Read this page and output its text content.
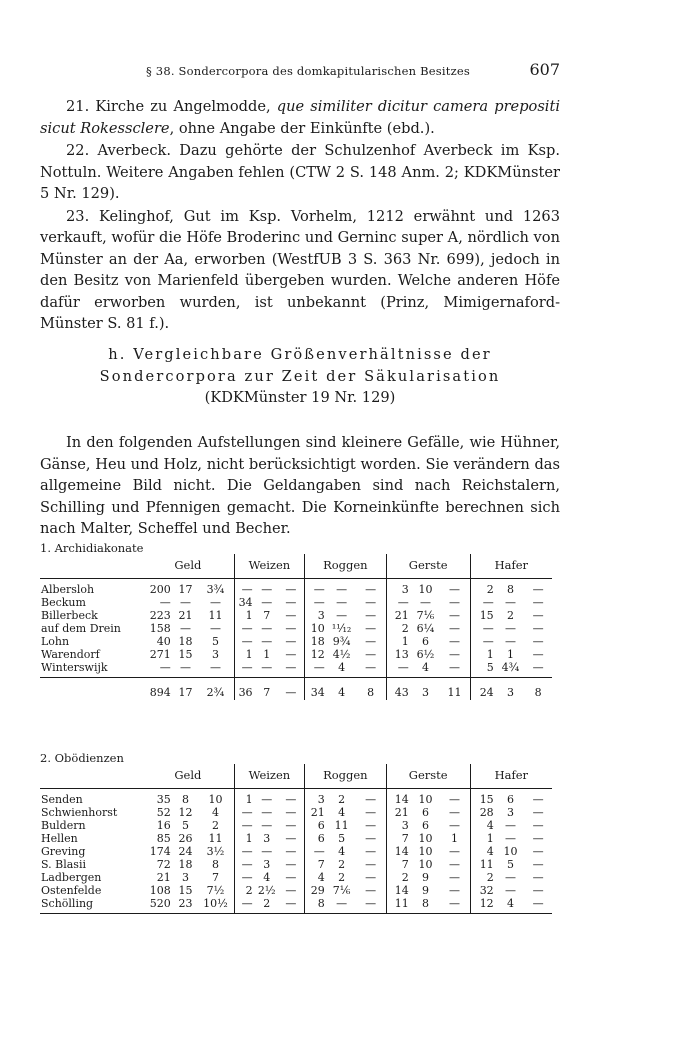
§ 38. Sondercorpora des domkapitularischen Besitzes	607

21. Kirche zu Angelmodde, que similiter dicitur camera prepositi sicut Rokessclere, ohne Angabe der Einkünfte (ebd.).

22. Averbeck. Dazu gehörte der Schulzenhof Averbeck im Ksp. Nottuln. Weitere Angaben fehlen (CTW 2 S. 148 Anm. 2; KDKMünster 5 Nr. 129).

23. Kelinghof, Gut im Ksp. Vorhelm, 1212 erwähnt und 1263 verkauft, wofür die Höfe Broderinc und Gerninc super A, nördlich von Münster an der Aa, erworben (WestfUB 3 S. 363 Nr. 699), jedoch in den Besitz von Marienfeld übergeben wurden. Welche anderen Höfe dafür erworben wurden, ist unbekannt (Prinz, Mimigernaford-Münster S. 81 f.).

h. Vergleichbare Größenverhältnisse der
Sondercorpora zur Zeit der Säkularisation
(KDKMünster 19 Nr. 129)

In den folgenden Aufstellungen sind kleinere Gefälle, wie Hühner, Gänse, Heu und Holz, nicht berücksichtigt worden. Sie verändern das allgemeine Bild nicht. Die Geldangaben sind nach Reichstalern, Schilling und Pfennigen gemacht. Die Korneinkünfte berechnen sich nach Malter, Scheffel und Becher.

1. Archidiakonate
	Geld			Weizen			Roggen			Gerste			Hafer		
Albersloh	200	17	3¾	—	—	—	—	—	—	3	10	—	2	8	—
Beckum	—	—	—	34	—	—	—	—	—	—	—	—	—	—	—
Billerbeck	223	21	11	1	7	—	3	—	—	21	7⅙	—	15	2	—
auf dem Drein	158	—	—	—	—	—	10	¹¹⁄₁₂	—	2	6¼	—	—	—	—
Lohn	40	18	5	—	—	—	18	9¾	—	1	6	—	—	—	—
Warendorf	271	15	3	1	1	—	12	4½	—	13	6½	—	1	1	—
Winterswijk	—	—	—	—	—	—	—	4	—	—	4	—	5	4¾	—
	894	17	2¾	36	7	—	34	4	8	43	3	11	24	3	8
2. Obödienzen
	Geld			Weizen			Roggen			Gerste			Hafer		
Senden	35	8	10	1	—	—	3	2	—	14	10	—	15	6	—
Schwienhorst	52	12	4	—	—	—	21	4	—	21	6	—	28	3	—
Buldern	16	5	2	—	—	—	6	11	—	3	6	—	4	—	—
Hellen	85	26	11	1	3	—	6	5	—	7	10	1	1	—	—
Greving	174	24	3½	—	—	—	—	4	—	14	10	—	4	10	—
S. Blasii	72	18	8	—	3	—	7	2	—	7	10	—	11	5	—
Ladbergen	21	3	7	—	4	—	4	2	—	2	9	—	2	—	—
Ostenfelde	108	15	7½	2	2½	—	29	7⅙	—	14	9	—	32	—	—
Schölling	520	23	10½	—	2	—	8	—	—	11	8	—	12	4	—
